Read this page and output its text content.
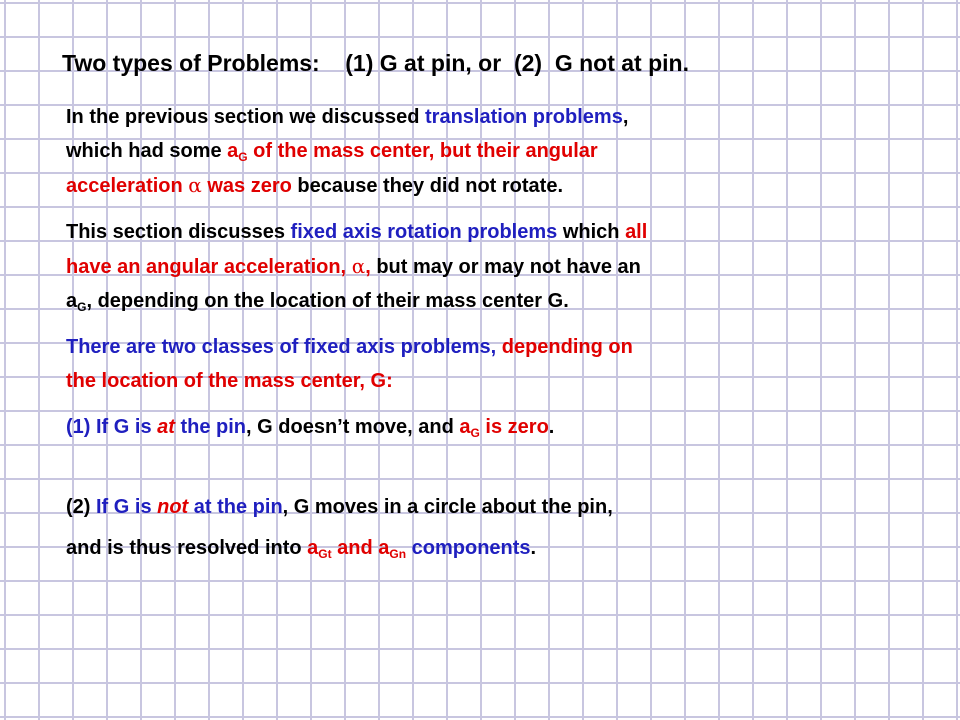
Two types of Problems:    (1) G at pin, or  (2)  G not at pin.

In the previous section we discussed translation problems,
which had some $a_G$ of the mass center, but their angular
acceleration α was zero because they did not rotate.

This section discusses fixed axis rotation problems which all
have an angular acceleration, α, but may or may not have an
$a_G$, depending on the location of their mass center G.

There are two classes of fixed axis problems, depending on
the location of the mass center, G:

(1) If G is at the pin, G doesn’t move, and $a_G$ is zero.

(2) If G is not at the pin, G moves in a circle about the pin,
and is thus resolved into $a_{Gt}$ and $a_{Gn}$ components.
